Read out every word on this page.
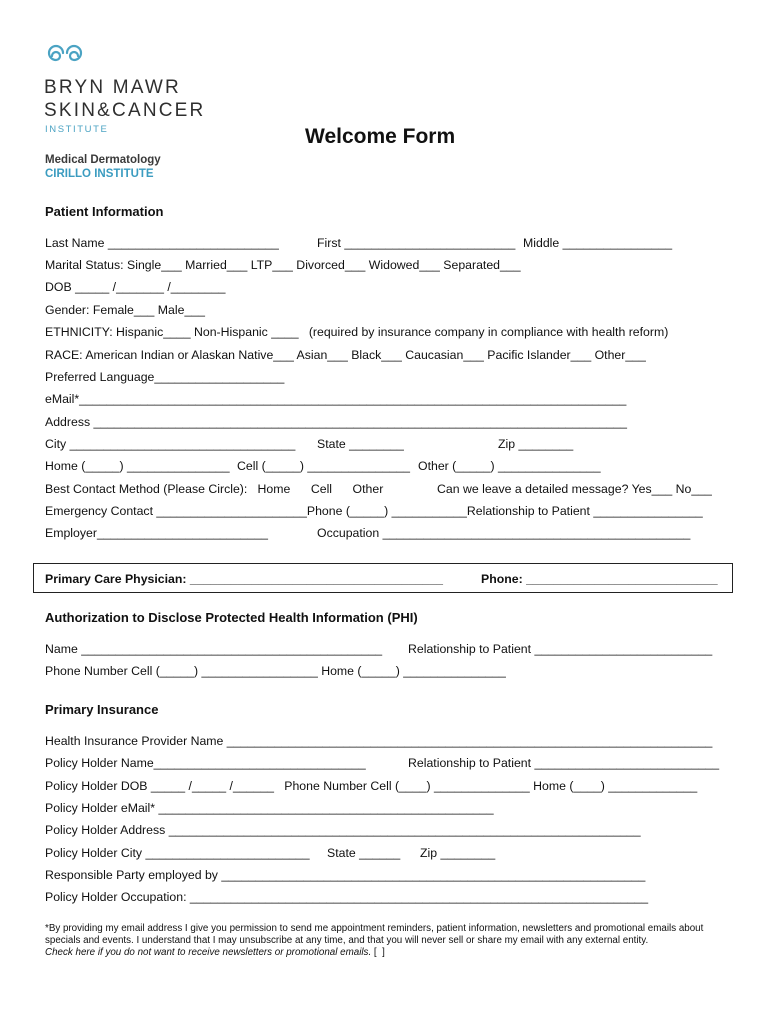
BRYN MAWR
SKIN&CANCER
INSTITUTE
Medical Dermatology
CIRILLO INSTITUTE
Welcome Form
Patient Information
Last Name _________________________	First _________________________ Middle ________________
Marital Status: Single___ Married___ LTP___ Divorced___ Widowed___ Separated___
DOB _____ /_______ /________
Gender: Female___ Male___
ETHNICITY: Hispanic____ Non-Hispanic ____   (required by insurance company in compliance with health reform)
RACE: American Indian or Alaskan Native___ Asian___ Black___ Caucasian___ Pacific Islander___ Other___
Preferred Language___________________
eMail*________________________________________________________________________________
Address ______________________________________________________________________________
City _________________________________ State ________	Zip ________
Home (_____) _______________ Cell (_____) _______________ Other (_____) _______________
Best Contact Method (Please Circle):   Home      Cell      Other	Can we leave a detailed message? Yes___ No___
Emergency Contact ______________________Phone (_____) ___________Relationship to Patient ________________
Employer_________________________	Occupation _____________________________________________
Primary Care Physician: _____________________________________	Phone: ____________________________
Authorization to Disclose Protected Health Information (PHI)
Name ____________________________________________ Relationship to Patient __________________________
Phone Number Cell (_____) _________________ Home (_____) _______________
Primary Insurance
Health Insurance Provider Name _______________________________________________________________________
Policy Holder Name_______________________________	Relationship to Patient ___________________________
Policy Holder DOB _____ /_____ /______   Phone Number Cell (____) ______________ Home (____) _____________
Policy Holder eMail* _________________________________________________
Policy Holder Address _____________________________________________________________________
Policy Holder City ________________________ State ______ Zip ________
Responsible Party employed by ______________________________________________________________
Policy Holder Occupation: ___________________________________________________________________
*By providing my email address I give you permission to send me appointment reminders, patient information, newsletters and promotional emails about
specials and events. I understand that I may unsubscribe at any time, and that you will never sell or share my email with any external entity.
Check here if you do not want to receive newsletters or promotional emails. [  ]
